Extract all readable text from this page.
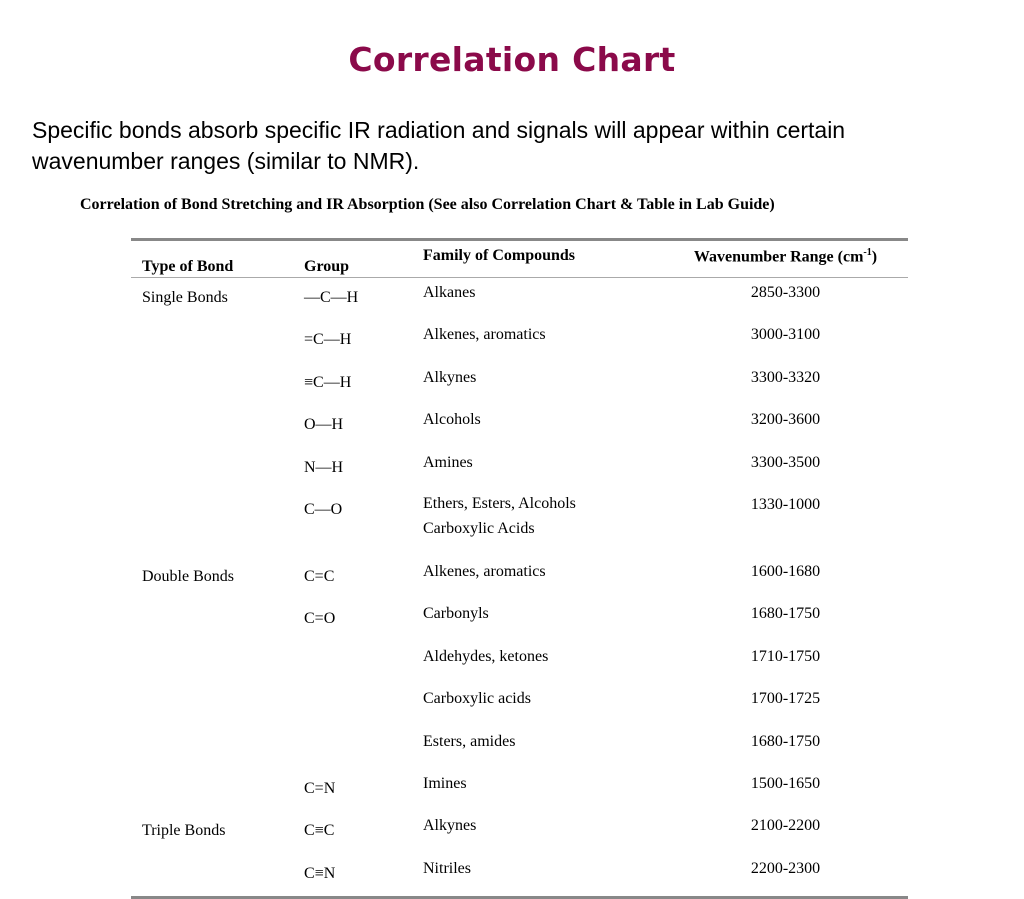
Correlation Chart
Specific bonds absorb specific IR radiation and signals will appear within certain wavenumber ranges (similar to NMR).
Correlation of Bond Stretching and IR Absorption (See also Correlation Chart & Table in Lab Guide)
Type of Bond	Group	Family of Compounds	Wavenumber Range $(cm^{-1})$
Single Bonds	—C—H	Alkanes	2850-3300
	=C—H	Alkenes, aromatics	3000-3100
	≡C—H	Alkynes	3300-3320
	O—H	Alcohols	3200-3600
	N—H	Amines	3300-3500
	C—O	Ethers, Esters, Alcohols
Carboxylic Acids	1330-1000
Double Bonds	C=C	Alkenes, aromatics	1600-1680
	C=O	Carbonyls	1680-1750
		Aldehydes, ketones	1710-1750
		Carboxylic acids	1700-1725
		Esters, amides	1680-1750
	C=N	Imines	1500-1650
Triple Bonds	C≡C	Alkynes	2100-2200
	C≡N	Nitriles	2200-2300
